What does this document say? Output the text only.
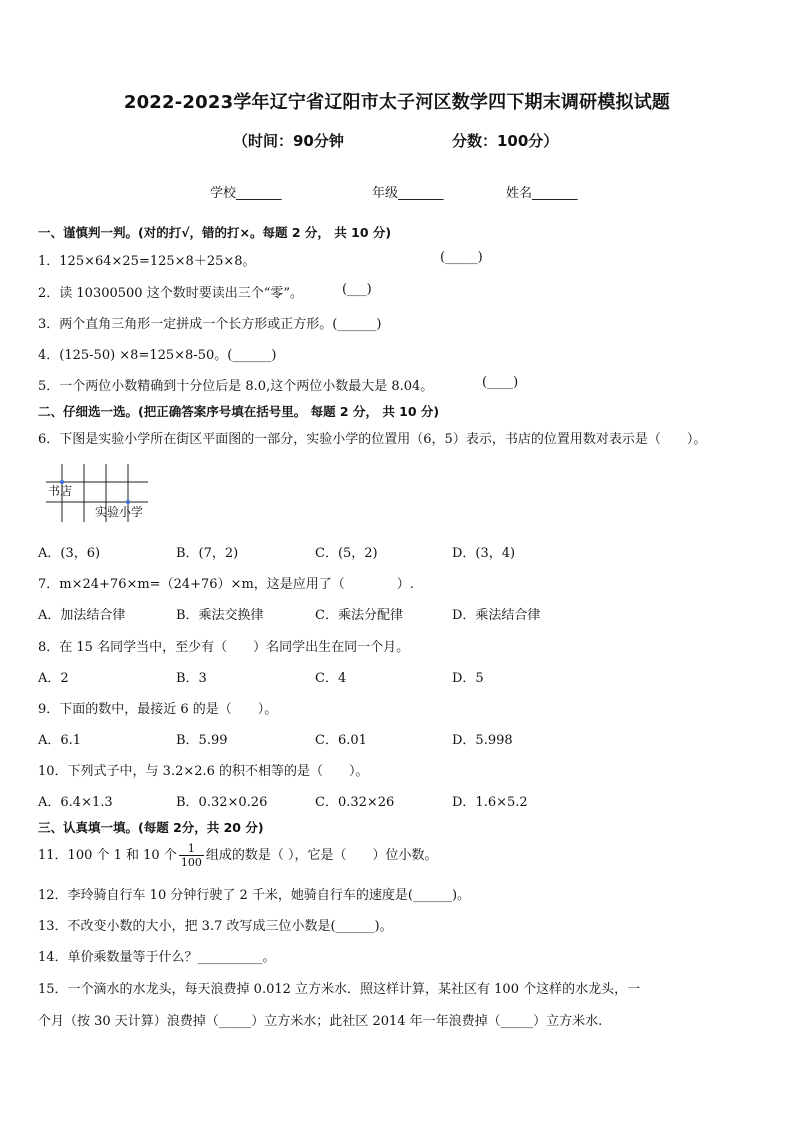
2022-2023学年辽宁省辽阳市太子河区数学四下期末调研模拟试题
（时间：90分钟	分数：100分）
学校_______	年级_______	姓名_______
一、谨慎判一判。(对的打√，错的打×。每题 2 分， 共 10 分)
1．125×64×25=125×8＋25×8。	(_____)
2．读 10300500 这个数时要读出三个“零”。	(___)
3．两个直角三角形一定拼成一个长方形或正方形。(______)
4．(125-50) ×8=125×8-50。(______)
5．一个两位小数精确到十分位后是 8.0,这个两位小数最大是 8.04。	(____)
二、仔细选一选。(把正确答案序号填在括号里。 每题 2 分， 共 10 分)
6．下图是实验小学所在街区平面图的一部分，实验小学的位置用（6，5）表示，书店的位置用数对表示是（　　）。
书店
实验小学
A．(3，6)	B．(7，2)	C．(5，2)	D．(3，4)
7．m×24+76×m=（24+76）×m，这是应用了（　　　　）.
A．加法结合律	B．乘法交换律	C．乘法分配律	D．乘法结合律
8．在 15 名同学当中，至少有（　　）名同学出生在同一个月。
A．2	B．3	C．4	D．5
9．下面的数中，最接近 6 的是（　　）。
A．6.1	B．5.99	C．6.01	D．5.998
10．下列式子中，与 3.2×2.6 的积不相等的是（　　）。
A．6.4×1.3	B．0.32×0.26	C．0.32×26	D．1.6×5.2
三、认真填一填。(每题 2分，共 20 分)
11．100 个 1 和 10 个 $\frac{1}{100}$ 组成的数是（ ），它是（　　）位小数。
12．李玲骑自行车 10 分钟行驶了 2 千米，她骑自行车的速度是(______)。
13．不改变小数的大小，把 3.7 改写成三位小数是(______)。
14．单价乘数量等于什么？__________。
15．一个滴水的水龙头，每天浪费掉 0.012 立方米水．照这样计算，某社区有 100 个这样的水龙头，一
个月（按 30 天计算）浪费掉（_____）立方米水；此社区 2014 年一年浪费掉（_____）立方米水.
